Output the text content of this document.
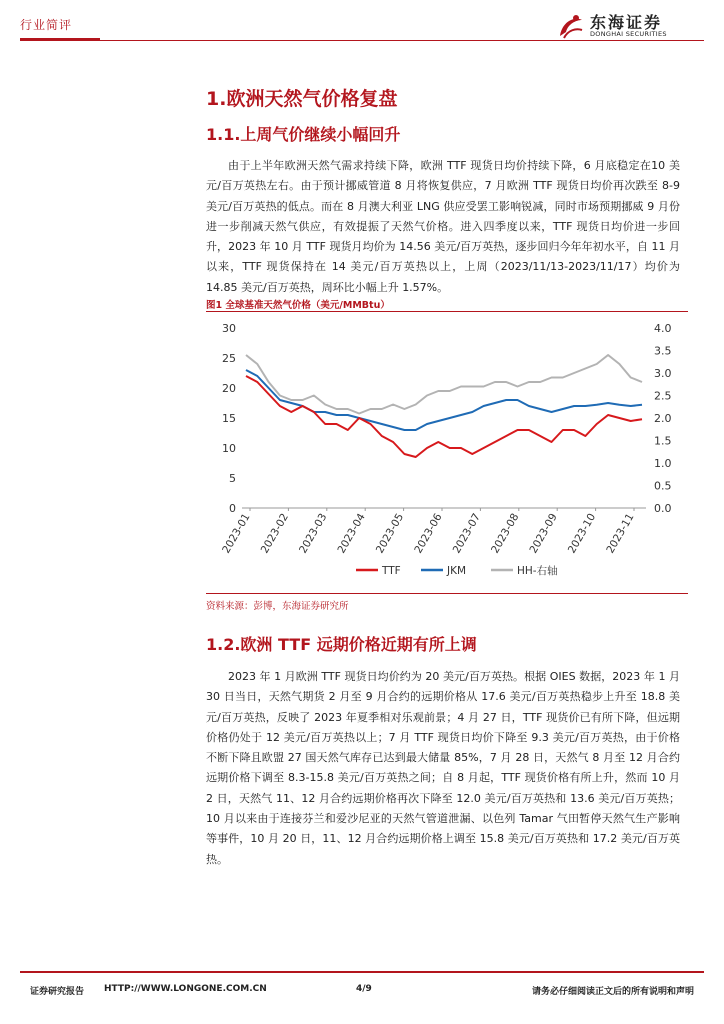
行业简评	东海证券
DONGHAI SECURITIES
1.欧洲天然气价格复盘
1.1.上周气价继续小幅回升
由于上半年欧洲天然气需求持续下降，欧洲 TTF 现货日均价持续下降，6 月底稳定在10 美元/百万英热左右。由于预计挪威管道 8 月将恢复供应，7 月欧洲 TTF 现货日均价再次跌至 8-9 美元/百万英热的低点。而在 8 月澳大利亚 LNG 供应受罢工影响锐减，同时市场预期挪威 9 月份进一步削减天然气供应，有效提振了天然气价格。进入四季度以来，TTF 现货日均价进一步回升，2023 年 10 月 TTF 现货月均价为 14.56 美元/百万英热，逐步回归今年年初水平，自 11 月以来，TTF 现货保持在 14 美元/百万英热以上，上周（2023/11/13-2023/11/17）均价为 14.85 美元/百万英热，周环比小幅上升 1.57%。
图1 全球基准天然气价格（美元/MMBtu）
0
5
10
15
20
25
30
0.0
0.5
1.0
1.5
2.0
2.5
3.0
3.5
4.0
2023-01 2023-02 2023-03 2023-04 2023-05 2023-06 2023-07 2023-08 2023-09 2023-10 2023-11
TTF	JKM	HH-右轴
资料来源：彭博，东海证券研究所
1.2.欧洲 TTF 远期价格近期有所上调
2023 年 1 月欧洲 TTF 现货日均价约为 20 美元/百万英热。根据 OIES 数据，2023 年 1 月 30 日当日，天然气期货 2 月至 9 月合约的远期价格从 17.6 美元/百万英热稳步上升至 18.8 美元/百万英热，反映了 2023 年夏季相对乐观前景；4 月 27 日，TTF 现货价已有所下降，但远期价格仍处于 12 美元/百万英热以上；7 月 TTF 现货日均价下降至 9.3 美元/百万英热，由于价格不断下降且欧盟 27 国天然气库存已达到最大储量 85%，7 月 28 日，天然气 8 月至 12 月合约远期价格下调至 8.3-15.8 美元/百万英热之间；自 8 月起，TTF 现货价格有所上升，然而 10 月 2 日，天然气 11、12 月合约远期价格再次下降至 12.0 美元/百万英热和 13.6 美元/百万英热；10 月以来由于连接芬兰和爱沙尼亚的天然气管道泄漏、以色列 Tamar 气田暂停天然气生产影响等事件，10 月 20 日，11、12 月合约远期价格上调至 15.8 美元/百万英热和 17.2 美元/百万英热。
证券研究报告 HTTP://WWW.LONGONE.COM.CN	4/9	请务必仔细阅读正文后的所有说明和声明
